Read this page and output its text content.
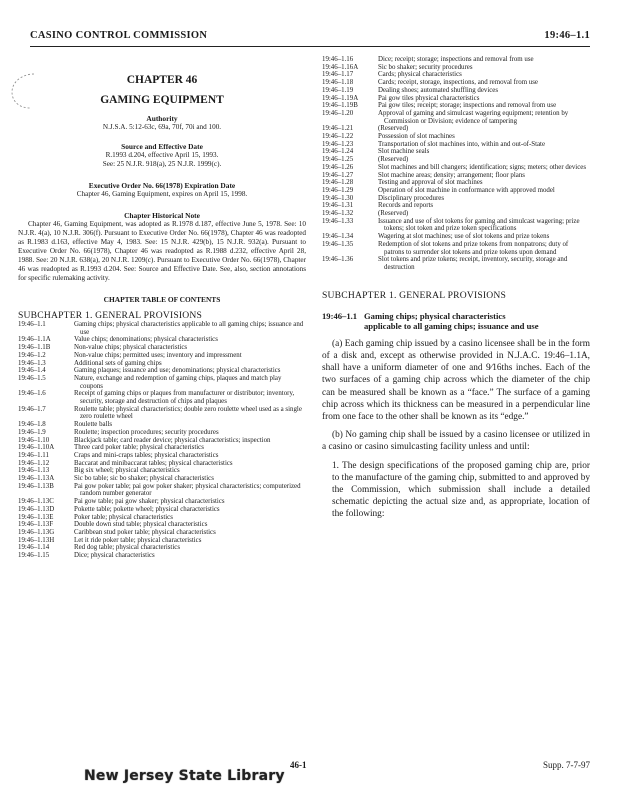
CASINO CONTROL COMMISSION	19:46–1.1
CHAPTER 46
GAMING EQUIPMENT
Authority
N.J.S.A. 5:12-63c, 69a, 70f, 70i and 100.
Source and Effective Date
R.1993 d.204, effective April 15, 1993.
See: 25 N.J.R. 918(a), 25 N.J.R. 1999(c).
Executive Order No. 66(1978) Expiration Date
Chapter 46, Gaming Equipment, expires on April 15, 1998.
Chapter Historical Note
Chapter 46, Gaming Equipment, was adopted as R.1978 d.187, effective June 5, 1978. See: 10 N.J.R. 4(a), 10 N.J.R. 306(f). Pursuant to Executive Order No. 66(1978), Chapter 46 was readopted as R.1983 d.163, effective May 4, 1983. See: 15 N.J.R. 429(b), 15 N.J.R. 932(a). Pursuant to Executive Order No. 66(1978), Chapter 46 was readopted as R.1988 d.232, effective April 28, 1988. See: 20 N.J.R. 638(a), 20 N.J.R. 1209(c). Pursuant to Executive Order No. 66(1978), Chapter 46 was readopted as R.1993 d.204. See: Source and Effective Date. See, also, section annotations for specific rulemaking activity.
CHAPTER TABLE OF CONTENTS
SUBCHAPTER 1. GENERAL PROVISIONS
19:46–1.1	Gaming chips; physical characteristics applicable to all gaming chips; issuance and use
19:46–1.1A	Value chips; denominations; physical characteristics
19:46–1.1B	Non-value chips; physical characteristics
19:46–1.2	Non-value chips; permitted uses; inventory and impressment
19:46–1.3	Additional sets of gaming chips
19:46–1.4	Gaming plaques; issuance and use; denominations; physical characteristics
19:46–1.5	Nature, exchange and redemption of gaming chips, plaques and match play coupons
19:46–1.6	Receipt of gaming chips or plaques from manufacturer or distributor; inventory, security, storage and destruction of chips and plaques
19:46–1.7	Roulette table; physical characteristics; double zero roulette wheel used as a single zero roulette wheel
19:46–1.8	Roulette balls
19:46–1.9	Roulette; inspection procedures; security procedures
19:46–1.10	Blackjack table; card reader device; physical characteristics; inspection
19:46–1.10A	Three card poker table; physical characteristics
19:46–1.11	Craps and mini-craps tables; physical characteristics
19:46–1.12	Baccarat and minibaccarat tables; physical characteristics
19:46–1.13	Big six wheel; physical characteristics
19:46–1.13A	Sic bo table; sic bo shaker; physical characteristics
19:46–1.13B	Pai gow poker table; pai gow poker shaker; physical characteristics; computerized random number generator
19:46–1.13C	Pai gow table; pai gow shaker; physical characteristics
19:46–1.13D	Pokette table; pokette wheel; physical characteristics
19:46–1.13E	Poker table; physical characteristics
19:46–1.13F	Double down stud table; physical characteristics
19:46–1.13G	Caribbean stud poker table; physical characteristics
19:46–1.13H	Let it ride poker table; physical characteristics
19:46–1.14	Red dog table; physical characteristics
19:46–1.15	Dice; physical characteristics
19:46–1.16	Dice; receipt; storage; inspections and removal from use
19:46–1.16A	Sic bo shaker; security procedures
19:46–1.17	Cards; physical characteristics
19:46–1.18	Cards; receipt, storage, inspections, and removal from use
19:46–1.19	Dealing shoes; automated shuffling devices
19:46–1.19A	Pai gow tiles physical characteristics
19:46–1.19B	Pai gow tiles; receipt; storage; inspections and removal from use
19:46–1.20	Approval of gaming and simulcast wagering equipment; retention by Commission or Division; evidence of tampering
19:46–1.21	(Reserved)
19:46–1.22	Possession of slot machines
19:46–1.23	Transportation of slot machines into, within and out-of-State
19:46–1.24	Slot machine seals
19:46–1.25	(Reserved)
19:46–1.26	Slot machines and bill changers; identification; signs; meters; other devices
19:46–1.27	Slot machine areas; density; arrangement; floor plans
19:46–1.28	Testing and approval of slot machines
19:46–1.29	Operation of slot machine in conformance with approved model
19:46–1.30	Disciplinary procedures
19:46–1.31	Records and reports
19:46–1.32	(Reserved)
19:46–1.33	Issuance and use of slot tokens for gaming and simulcast wagering; prize tokens; slot token and prize token specifications
19:46–1.34	Wagering at slot machines; use of slot tokens and prize tokens
19:46–1.35	Redemption of slot tokens and prize tokens from nonpatrons; duty of patrons to surrender slot tokens and prize tokens upon demand
19:46–1.36	Slot tokens and prize tokens; receipt, inventory, security, storage and destruction
SUBCHAPTER 1. GENERAL PROVISIONS
19:46–1.1 Gaming chips; physical characteristics
applicable to all gaming chips; issuance and use
(a) Each gaming chip issued by a casino licensee shall be in the form of a disk and, except as otherwise provided in N.J.A.C. 19:46–1.1A, shall have a uniform diameter of one and 9⁄16ths inches. Each of the two surfaces of a gaming chip across which the diameter of the chip can be measured shall be known as a “face.” The surface of a gaming chip across which its thickness can be measured in a perpendicular line from one face to the other shall be known as its “edge.”
(b) No gaming chip shall be issued by a casino licensee or utilized in a casino or casino simulcasting facility unless and until:
1. The design specifications of the proposed gaming chip are, prior to the manufacture of the gaming chip, submitted to and approved by the Commission, which submission shall include a detailed schematic depicting the actual size and, as appropriate, location of the following:
46-1	Supp. 7-7-97
New Jersey State Library
